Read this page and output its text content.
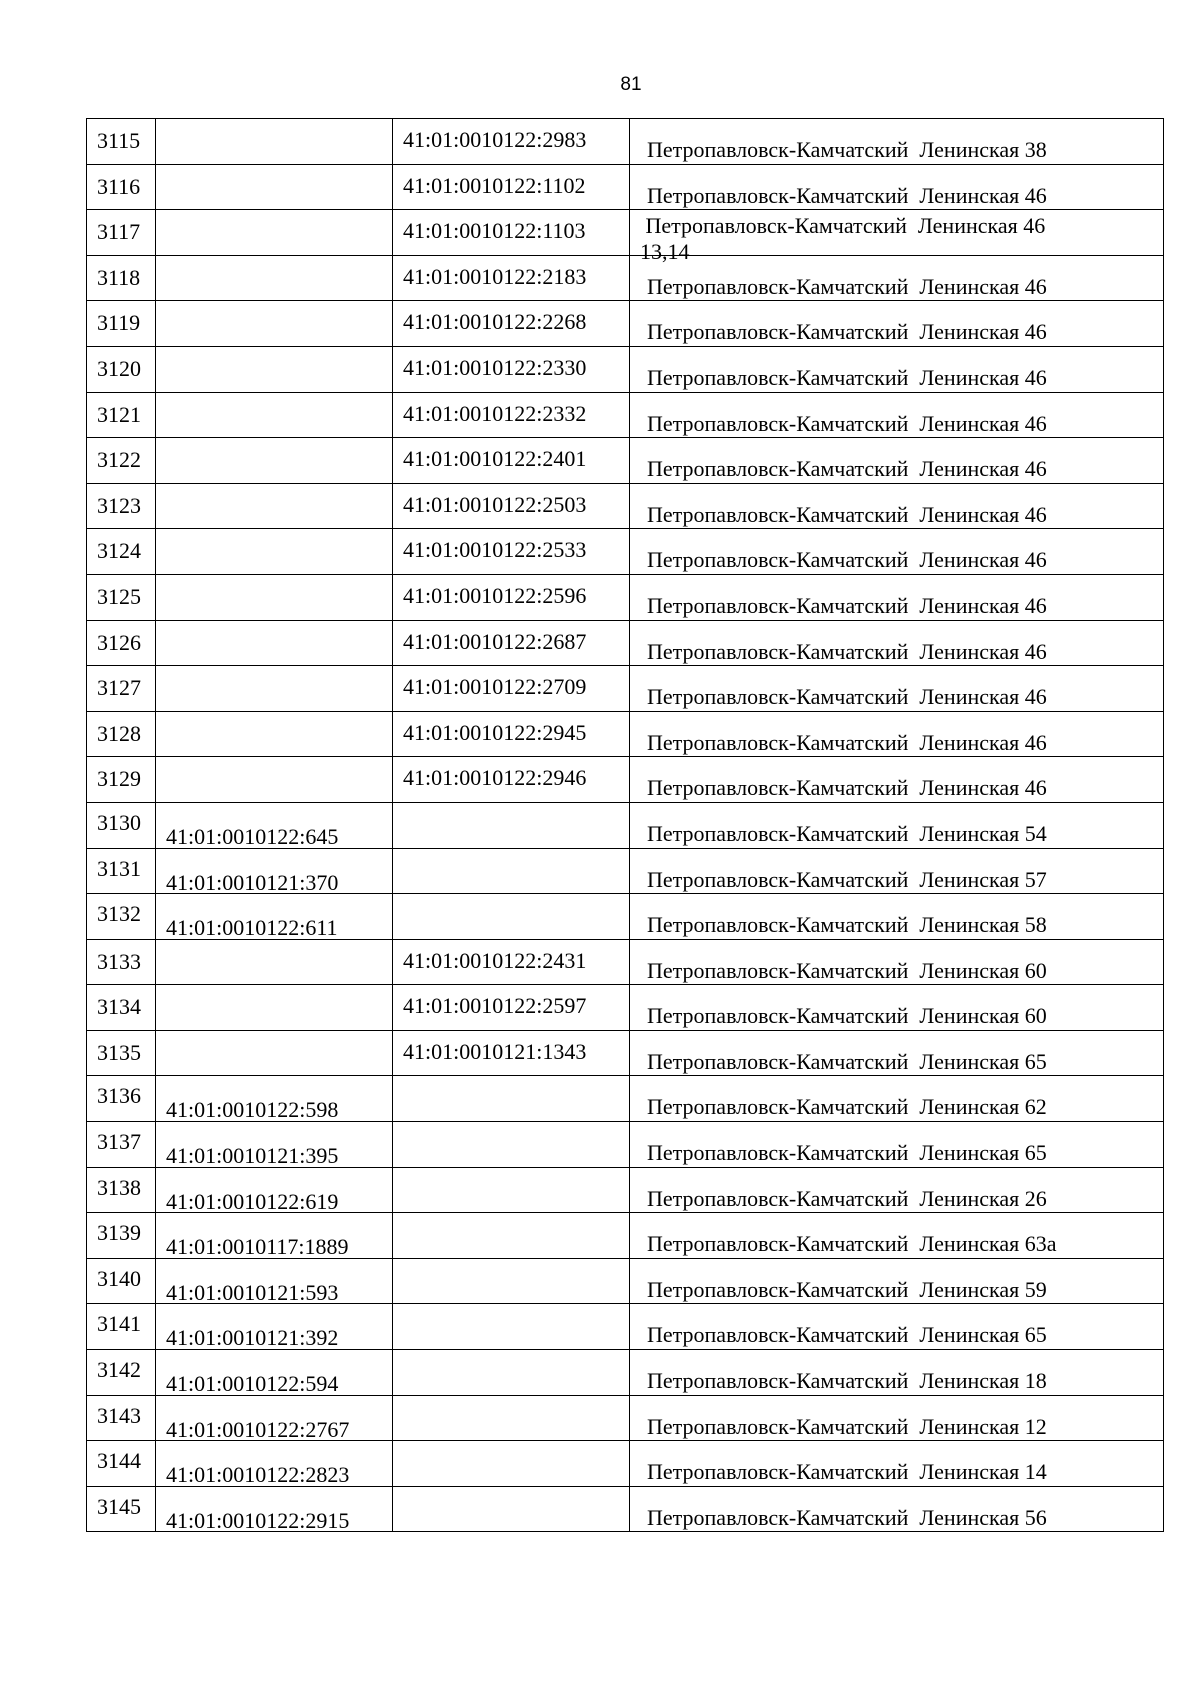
81
3115		41:01:0010122:2983	Петропавловск-Камчатский  Ленинская 38

3116		41:01:0010122:1102	Петропавловск-Камчатский  Ленинская 46

3117		41:01:0010122:1103	Петропавловск-Камчатский  Ленинская 46
13,14

3118		41:01:0010122:2183	Петропавловск-Камчатский  Ленинская 46

3119		41:01:0010122:2268	Петропавловск-Камчатский  Ленинская 46

3120		41:01:0010122:2330	Петропавловск-Камчатский  Ленинская 46

3121		41:01:0010122:2332	Петропавловск-Камчатский  Ленинская 46

3122		41:01:0010122:2401	Петропавловск-Камчатский  Ленинская 46

3123		41:01:0010122:2503	Петропавловск-Камчатский  Ленинская 46

3124		41:01:0010122:2533	Петропавловск-Камчатский  Ленинская 46

3125		41:01:0010122:2596	Петропавловск-Камчатский  Ленинская 46

3126		41:01:0010122:2687	Петропавловск-Камчатский  Ленинская 46

3127		41:01:0010122:2709	Петропавловск-Камчатский  Ленинская 46

3128		41:01:0010122:2945	Петропавловск-Камчатский  Ленинская 46

3129		41:01:0010122:2946	Петропавловск-Камчатский  Ленинская 46

3130	41:01:0010122:645		Петропавловск-Камчатский  Ленинская 54

3131	41:01:0010121:370		Петропавловск-Камчатский  Ленинская 57

3132	41:01:0010122:611		Петропавловск-Камчатский  Ленинская 58

3133		41:01:0010122:2431	Петропавловск-Камчатский  Ленинская 60

3134		41:01:0010122:2597	Петропавловск-Камчатский  Ленинская 60

3135		41:01:0010121:1343	Петропавловск-Камчатский  Ленинская 65

3136	41:01:0010122:598		Петропавловск-Камчатский  Ленинская 62

3137	41:01:0010121:395		Петропавловск-Камчатский  Ленинская 65

3138	41:01:0010122:619		Петропавловск-Камчатский  Ленинская 26

3139	41:01:0010117:1889		Петропавловск-Камчатский  Ленинская 63а

3140	41:01:0010121:593		Петропавловск-Камчатский  Ленинская 59

3141	41:01:0010121:392		Петропавловск-Камчатский  Ленинская 65

3142	41:01:0010122:594		Петропавловск-Камчатский  Ленинская 18

3143	41:01:0010122:2767		Петропавловск-Камчатский  Ленинская 12

3144	41:01:0010122:2823		Петропавловск-Камчатский  Ленинская 14

3145	41:01:0010122:2915		Петропавловск-Камчатский  Ленинская 56
